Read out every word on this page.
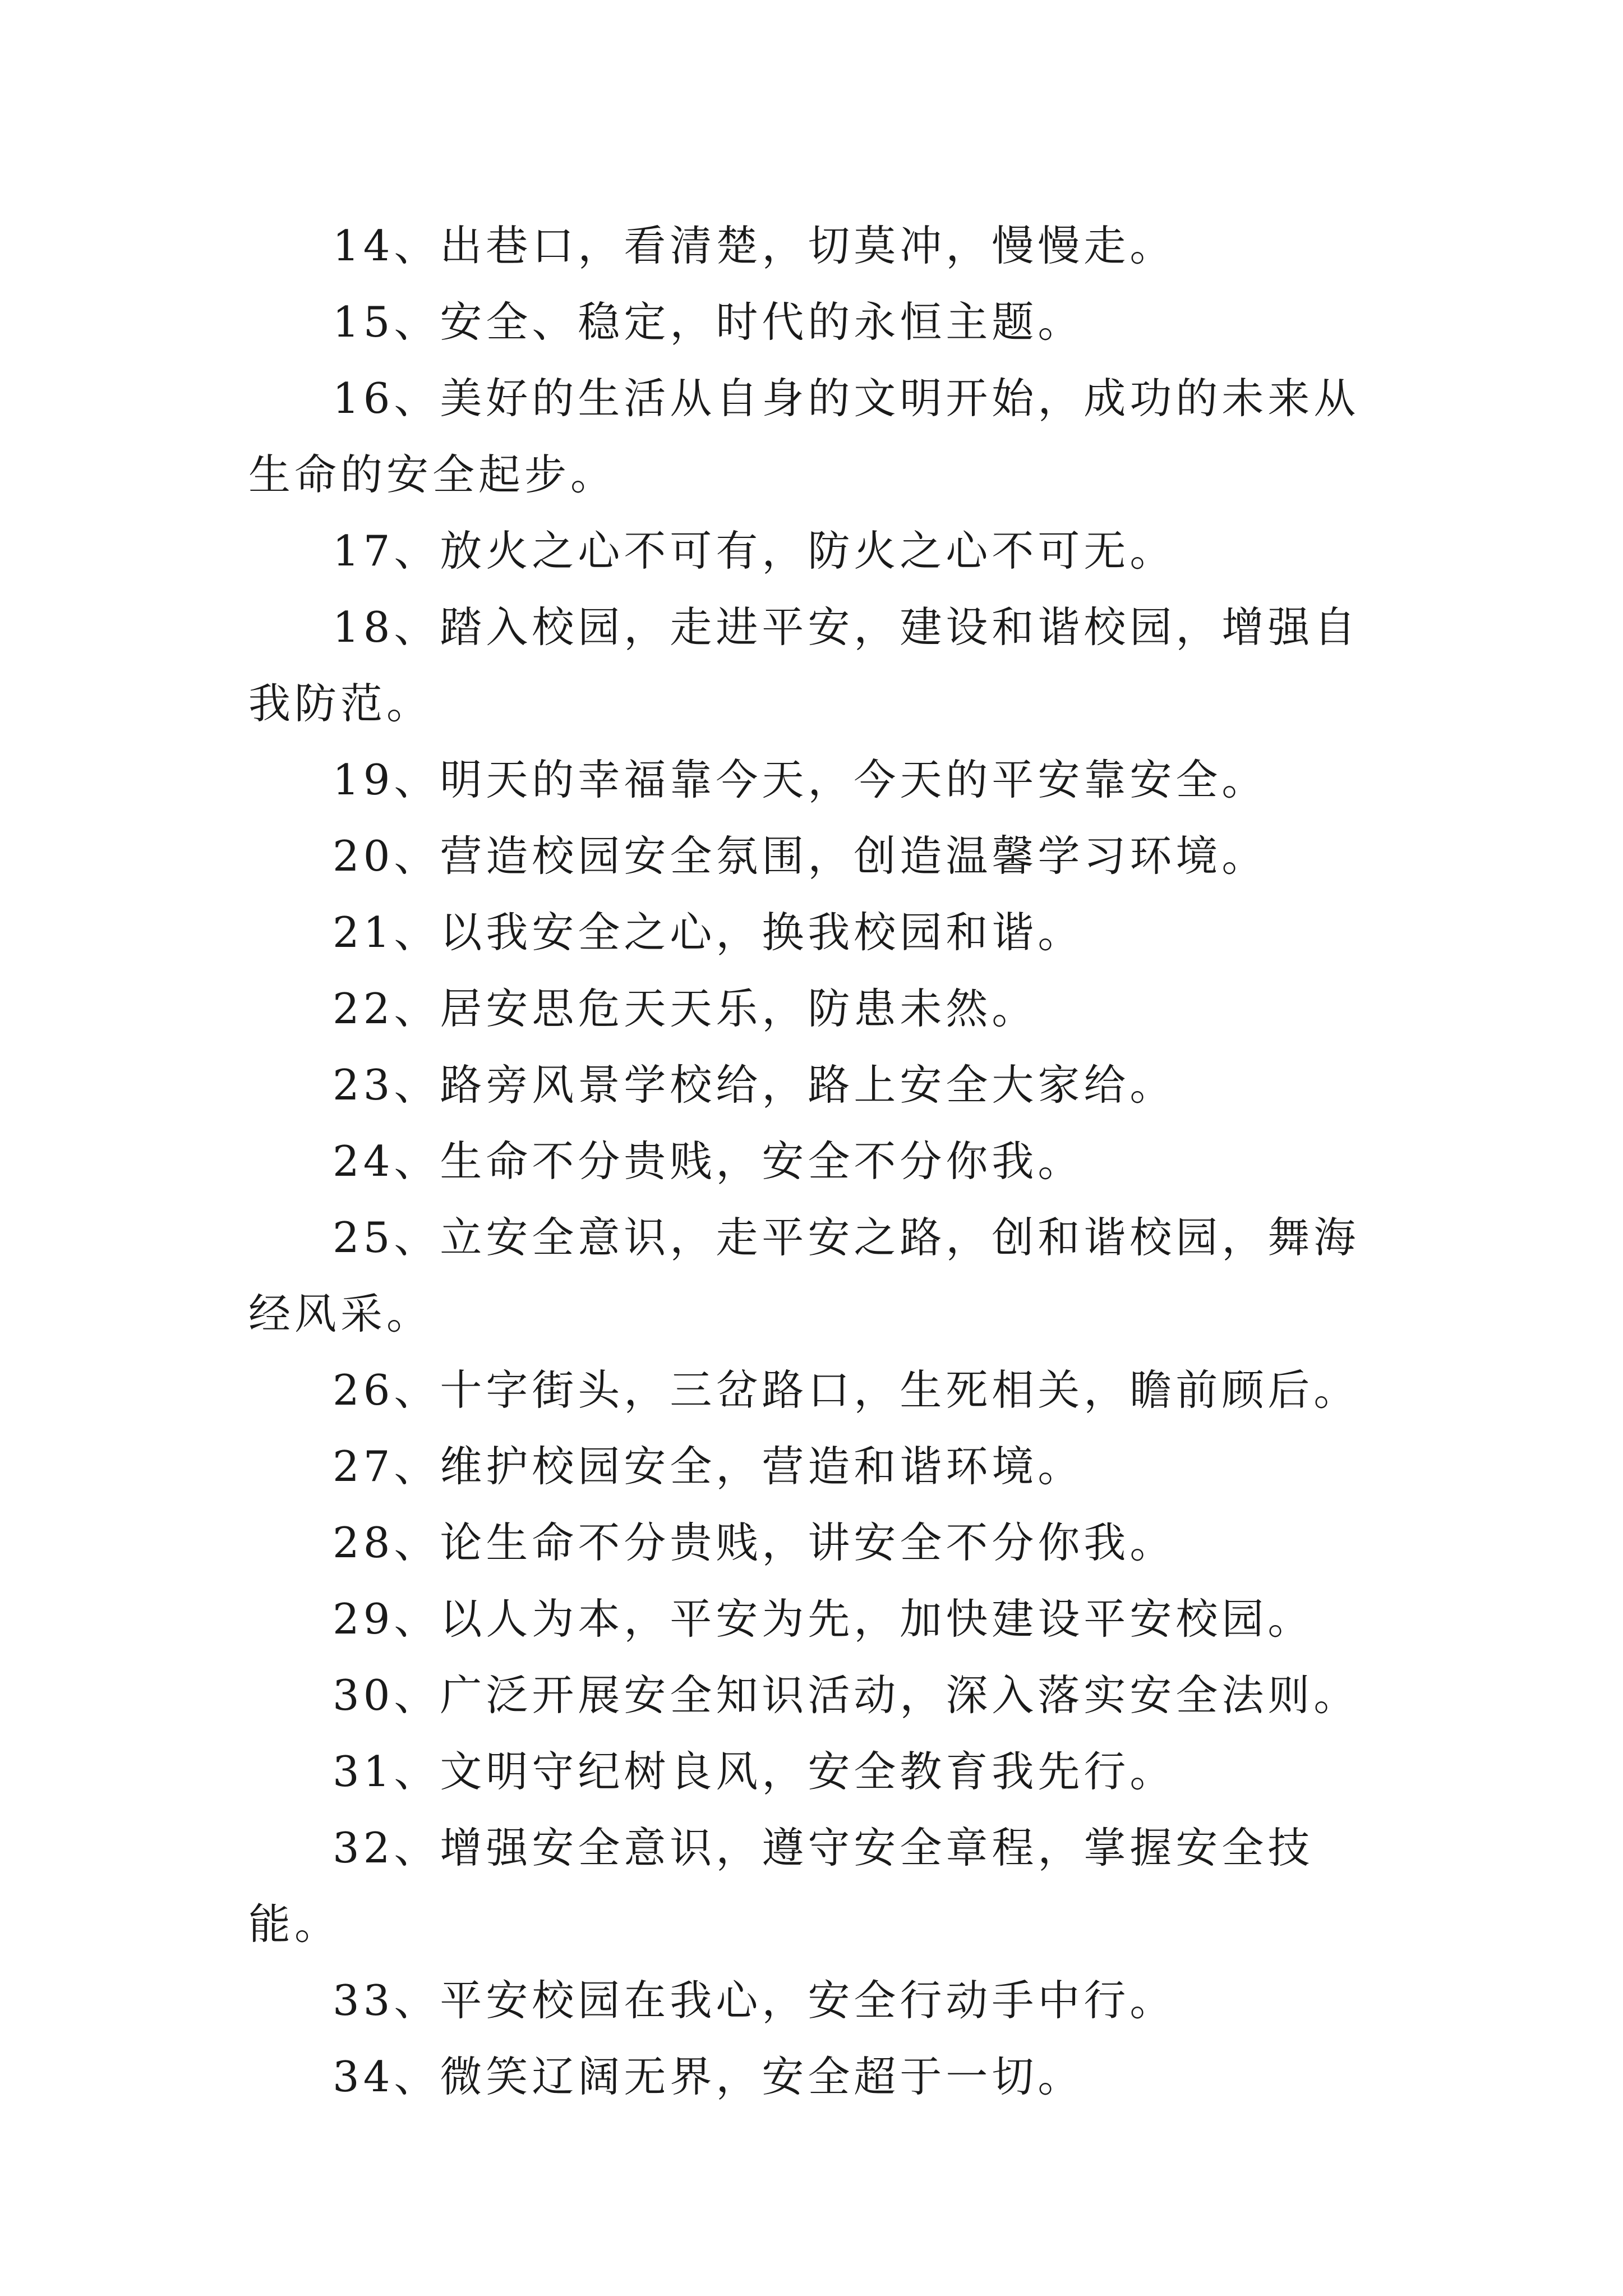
14、出巷口，看清楚，切莫冲，慢慢走。

15、安全、稳定，时代的永恒主题。

16、美好的生活从自身的文明开始，成功的未来从生命的安全起步。

17、放火之心不可有，防火之心不可无。

18、踏入校园，走进平安，建设和谐校园，增强自我防范。

19、明天的幸福靠今天，今天的平安靠安全。

20、营造校园安全氛围，创造温馨学习环境。

21、以我安全之心，换我校园和谐。

22、居安思危天天乐，防患未然。

23、路旁风景学校给，路上安全大家给。

24、生命不分贵贱，安全不分你我。

25、立安全意识，走平安之路，创和谐校园，舞海经风采。

26、十字街头，三岔路口，生死相关，瞻前顾后。

27、维护校园安全，营造和谐环境。

28、论生命不分贵贱，讲安全不分你我。

29、以人为本，平安为先，加快建设平安校园。

30、广泛开展安全知识活动，深入落实安全法则。

31、文明守纪树良风，安全教育我先行。

32、增强安全意识，遵守安全章程，掌握安全技能。

33、平安校园在我心，安全行动手中行。

34、微笑辽阔无界，安全超于一切。
